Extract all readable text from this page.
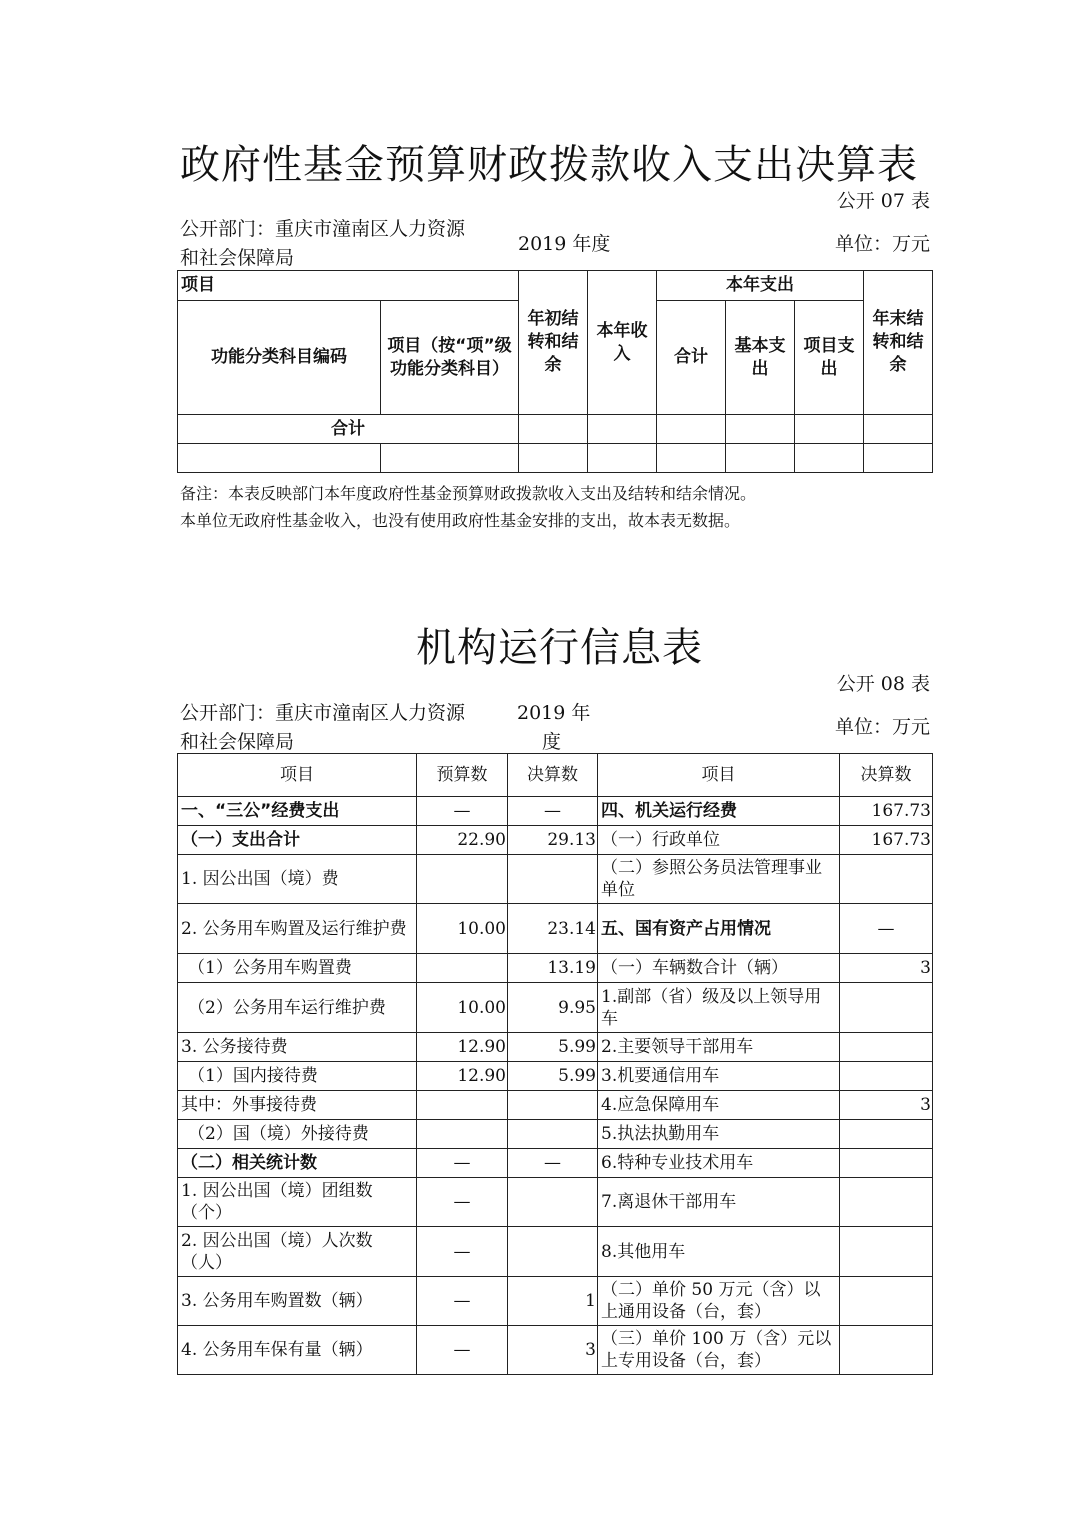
政府性基金预算财政拨款收入支出决算表
公开 07 表
公开部门：重庆市潼南区人力资源
和社会保障局
2019 年度	单位：万元
项目		年初结转和结余	本年收入	本年支出			年末结转和结余
功能分类科目编码	项目（按“项”级功能分类科目）			合计	基本支出	项目支出	
合计							

备注：本表反映部门本年度政府性基金预算财政拨款收入支出及结转和结余情况。
本单位无政府性基金收入，也没有使用政府性基金安排的支出，故本表无数据。
机构运行信息表
公开 08 表
公开部门：重庆市潼南区人力资源
和社会保障局
2019 年
度
单位：万元
项目	预算数	决算数	项目	决算数
一、“三公”经费支出	—	—	四、机关运行经费	167.73
（一）支出合计	22.90	29.13	（一）行政单位	167.73
1. 因公出国（境）费			（二）参照公务员法管理事业单位	
2. 公务用车购置及运行维护费	10.00	23.14	五、国有资产占用情况	—
（1）公务用车购置费		13.19	（一）车辆数合计（辆）	3
（2）公务用车运行维护费	10.00	9.95	1.副部（省）级及以上领导用车	
3. 公务接待费	12.90	5.99	2.主要领导干部用车	
（1）国内接待费	12.90	5.99	3.机要通信用车	
其中：外事接待费			4.应急保障用车	3
（2）国（境）外接待费			5.执法执勤用车	
（二）相关统计数	—	—	6.特种专业技术用车	
1. 因公出国（境）团组数（个）	—		7.离退休干部用车	
2. 因公出国（境）人次数（人）	—		8.其他用车	
3. 公务用车购置数（辆）	—	1	（二）单价 50 万元（含）以上通用设备（台，套）	
4. 公务用车保有量（辆）	—	3	（三）单价 100 万（含）元以上专用设备（台，套）	
